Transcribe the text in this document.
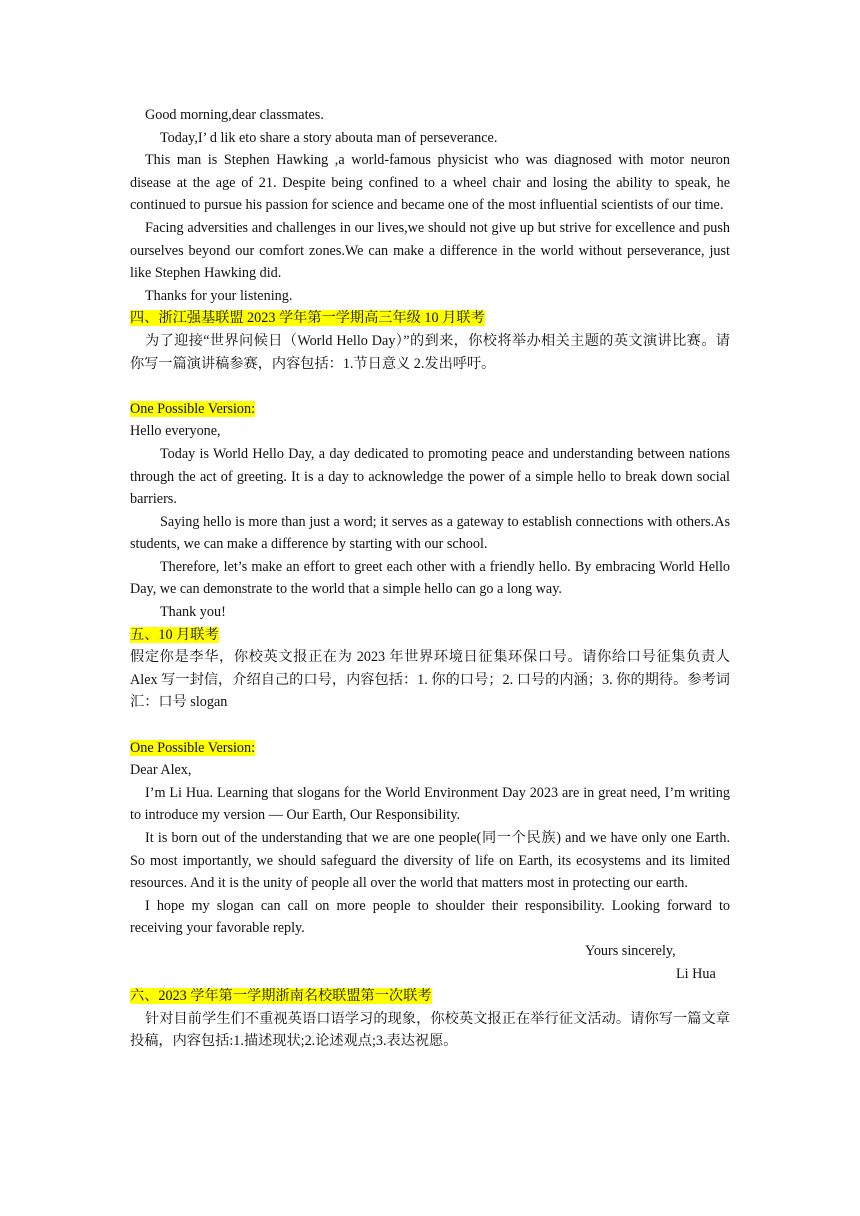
Good morning,dear classmates.

Today,I’ d lik eto share a story abouta man of perseverance.

This man is Stephen Hawking ,a world-famous physicist who was diagnosed with motor neuron disease at the age of 21. Despite being confined to a wheel chair and losing the ability to speak, he continued to pursue his passion for science and became one of the most influential scientists of our time.

Facing adversities and challenges in our lives,we should not give up but strive for excellence and push ourselves beyond our comfort zones.We can make a difference in the world without perseverance, just like Stephen Hawking did.

Thanks for your listening.

四、浙江强基联盟 2023 学年第一学期高三年级 10 月联考

为了迎接“世界问候日（World Hello Day）”的到来，你校将举办相关主题的英文演讲比赛。请你写一篇演讲稿参赛，内容包括：1.节日意义 2.发出呼吁。

One Possible Version:

Hello everyone,

Today is World Hello Day, a day dedicated to promoting peace and understanding between nations through the act of greeting. It is a day to acknowledge the power of a simple hello to break down social barriers.

Saying hello is more than just a word; it serves as a gateway to establish connections with others.As students, we can make a difference by starting with our school.

Therefore, let’s make an effort to greet each other with a friendly hello. By embracing World Hello Day, we can demonstrate to the world that a simple hello can go a long way.

Thank you!

五、10 月联考

假定你是李华，你校英文报正在为 2023 年世界环境日征集环保口号。请你给口号征集负责人 Alex 写一封信，介绍自己的口号，内容包括：1. 你的口号；2. 口号的内涵；3. 你的期待。参考词汇：口号 slogan

One Possible Version:

Dear Alex,

I’m Li Hua. Learning that slogans for the World Environment Day 2023 are in great need, I’m writing to introduce my version — Our Earth, Our Responsibility.

It is born out of the understanding that we are one people(同一个民族) and we have only one Earth. So most importantly, we should safeguard the diversity of life on Earth, its ecosystems and its limited resources. And it is the unity of people all over the world that matters most in protecting our earth.

I hope my slogan can call on more people to shoulder their responsibility. Looking forward to receiving your favorable reply.

Yours sincerely,

Li Hua

六、2023 学年第一学期浙南名校联盟第一次联考

针对目前学生们不重视英语口语学习的现象，你校英文报正在举行征文活动。请你写一篇文章投稿，内容包括:1.描述现状;2.论述观点;3.表达祝愿。
